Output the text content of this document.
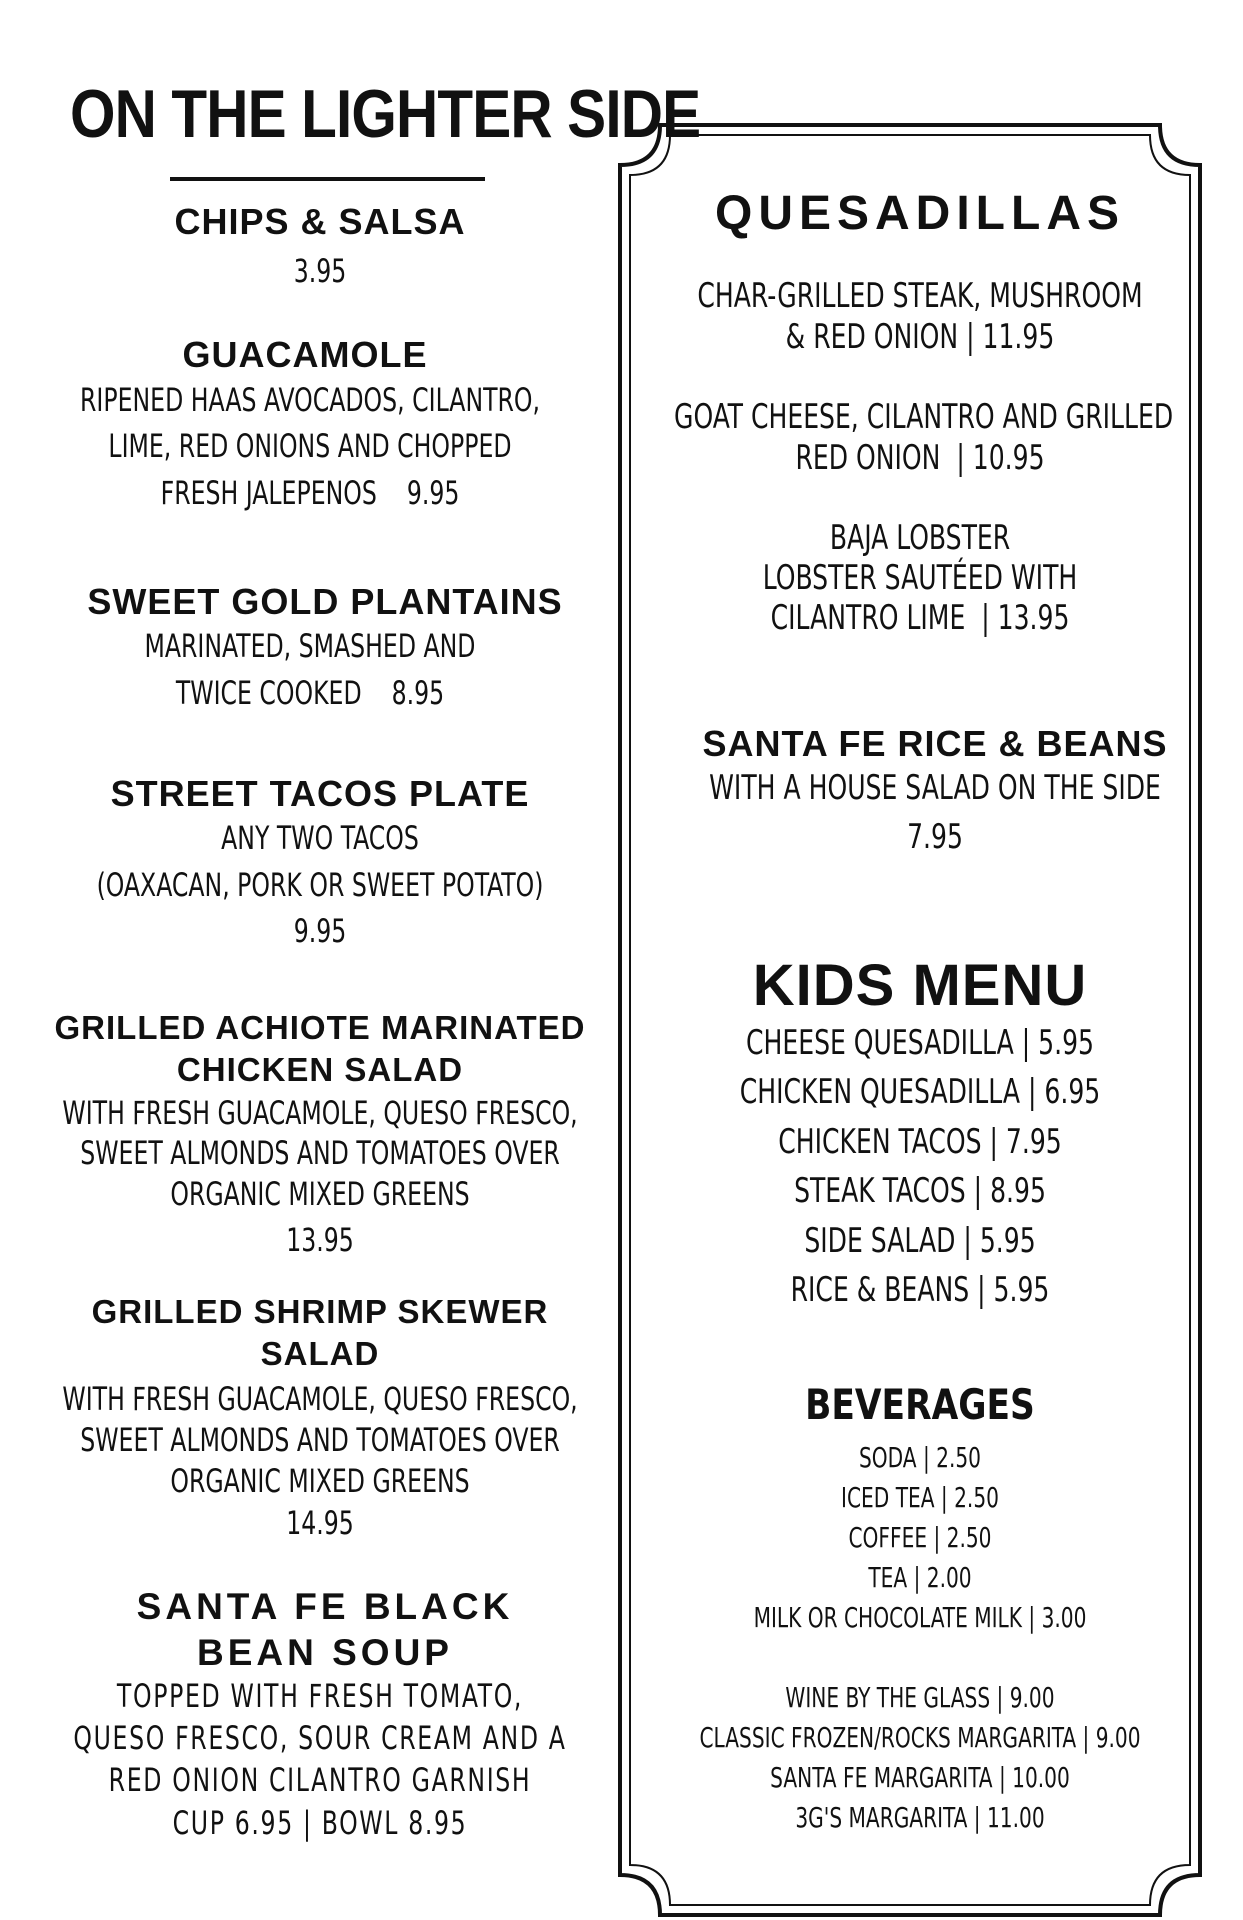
ON THE LIGHTER SIDE
CHIPS & SALSA
3.95
GUACAMOLE
RIPENED HAAS AVOCADOS, CILANTRO,
LIME, RED ONIONS AND CHOPPED
FRESH JALEPENOS    9.95
SWEET GOLD PLANTAINS
MARINATED, SMASHED AND
TWICE COOKED    8.95
STREET TACOS PLATE
ANY TWO TACOS
(OAXACAN, PORK OR SWEET POTATO)
9.95
GRILLED ACHIOTE MARINATED
CHICKEN SALAD
WITH FRESH GUACAMOLE, QUESO FRESCO,
SWEET ALMONDS AND TOMATOES OVER
ORGANIC MIXED GREENS
13.95
GRILLED SHRIMP SKEWER
SALAD
WITH FRESH GUACAMOLE, QUESO FRESCO,
SWEET ALMONDS AND TOMATOES OVER
ORGANIC MIXED GREENS
14.95
SANTA FE BLACK
BEAN SOUP
TOPPED WITH FRESH TOMATO,
QUESO FRESCO, SOUR CREAM AND A
RED ONION CILANTRO GARNISH
CUP 6.95 | BOWL 8.95
QUESADILLAS
CHAR-GRILLED STEAK, MUSHROOM
& RED ONION | 11.95
GOAT CHEESE, CILANTRO AND GRILLED
RED ONION  | 10.95
BAJA LOBSTER
LOBSTER SAUTÉED WITH
CILANTRO LIME  | 13.95
SANTA FE RICE & BEANS
WITH A HOUSE SALAD ON THE SIDE
7.95
KIDS MENU
CHEESE QUESADILLA | 5.95
CHICKEN QUESADILLA | 6.95
CHICKEN TACOS | 7.95
STEAK TACOS | 8.95
SIDE SALAD | 5.95
RICE & BEANS | 5.95
BEVERAGES
SODA | 2.50
ICED TEA | 2.50
COFFEE | 2.50
TEA | 2.00
MILK OR CHOCOLATE MILK | 3.00
WINE BY THE GLASS | 9.00
CLASSIC FROZEN/ROCKS MARGARITA | 9.00
SANTA FE MARGARITA | 10.00
3G'S MARGARITA | 11.00
